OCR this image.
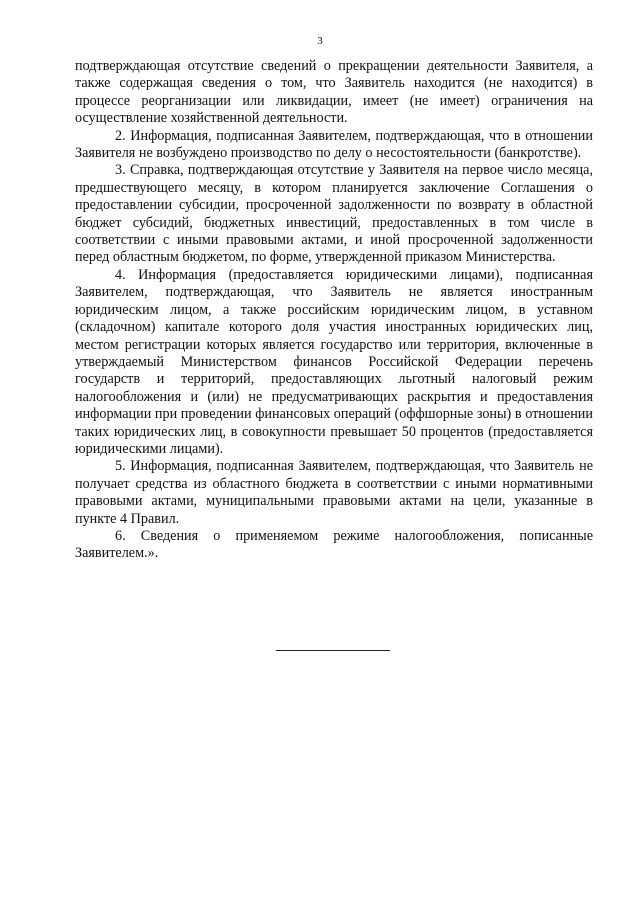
3

подтверждающая отсутствие сведений о прекращении деятельности Заявителя, а также содержащая сведения о том, что Заявитель находится (не находится) в процессе реорганизации или ликвидации, имеет (не имеет) ограничения на осуществление хозяйственной деятельности.

2. Информация, подписанная Заявителем, подтверждающая, что в отношении Заявителя не возбуждено производство по делу о несостоятельности (банкротстве).

3. Справка, подтверждающая отсутствие у Заявителя на первое число месяца, предшествующего месяцу, в котором планируется заключение Соглашения о предоставлении субсидии, просроченной задолженности по возврату в областной бюджет субсидий, бюджетных инвестиций, предоставленных в том числе в соответствии с иными правовыми актами, и иной просроченной задолженности перед областным бюджетом, по форме, утвержденной приказом Министерства.

4. Информация (предоставляется юридическими лицами), подписанная Заявителем, подтверждающая, что Заявитель не является иностранным юридическим лицом, а также российским юридическим лицом, в уставном (складочном) капитале которого доля участия иностранных юридических лиц, местом регистрации которых является государство или территория, включенные в утверждаемый Министерством финансов Российской Федерации перечень государств и территорий, предоставляющих льготный налоговый режим налогообложения и (или) не предусматривающих раскрытия и предоставления информации при проведении финансовых операций (оффшорные зоны) в отношении таких юридических лиц, в совокупности превышает 50 процентов (предоставляется юридическими лицами).

5. Информация, подписанная Заявителем, подтверждающая, что Заявитель не получает средства из областного бюджета в соответствии с иными нормативными правовыми актами, муниципальными правовыми актами на цели, указанные в пункте 4 Правил.

6. Сведения о применяемом режиме налогообложения, пописанные Заявителем.».
